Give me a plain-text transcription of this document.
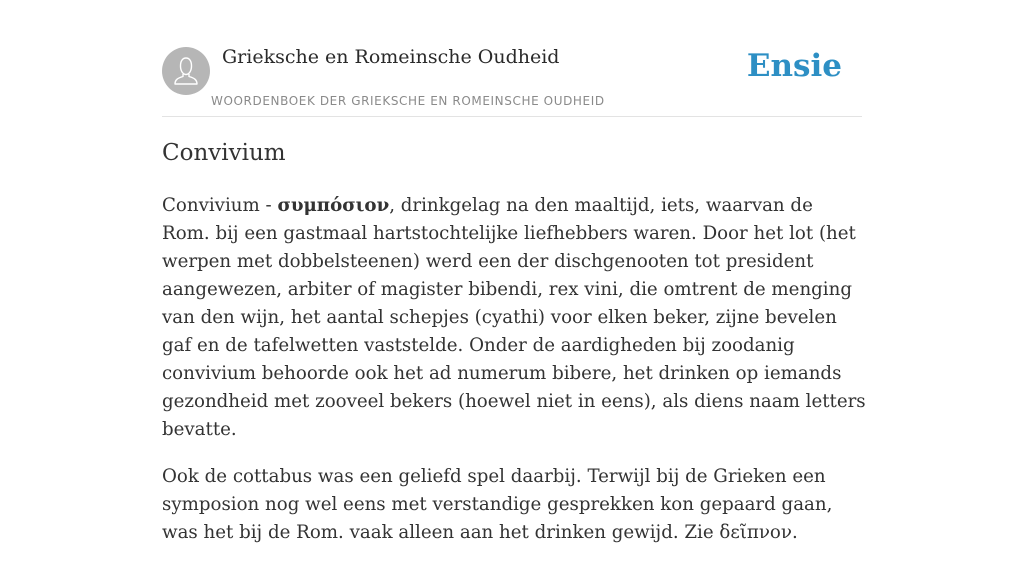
Grieksche en Romeinsche Oudheid
WOORDENBOEK DER GRIEKSCHE EN ROMEINSCHE OUDHEID
Ensie
Convivium

Convivium - συμπόσιον, drinkgelag na den maaltijd, iets, waarvan de Rom. bij een gastmaal hartstochtelijke liefhebbers waren. Door het lot (het werpen met dobbelsteenen) werd een der dischgenooten tot president aangewezen, arbiter of magister bibendi, rex vini, die omtrent de menging van den wijn, het aantal schepjes (cyathi) voor elken beker, zijne bevelen gaf en de tafelwetten vaststelde. Onder de aardigheden bij zoodanig convivium behoorde ook het ad numerum bibere, het drinken op iemands gezondheid met zooveel bekers (hoewel niet in eens), als diens naam letters bevatte.

Ook de cottabus was een geliefd spel daarbij. Terwijl bij de Grieken een symposion nog wel eens met verstandige gesprekken kon gepaard gaan, was het bij de Rom. vaak alleen aan het drinken gewijd. Zie δεῖπνον.
